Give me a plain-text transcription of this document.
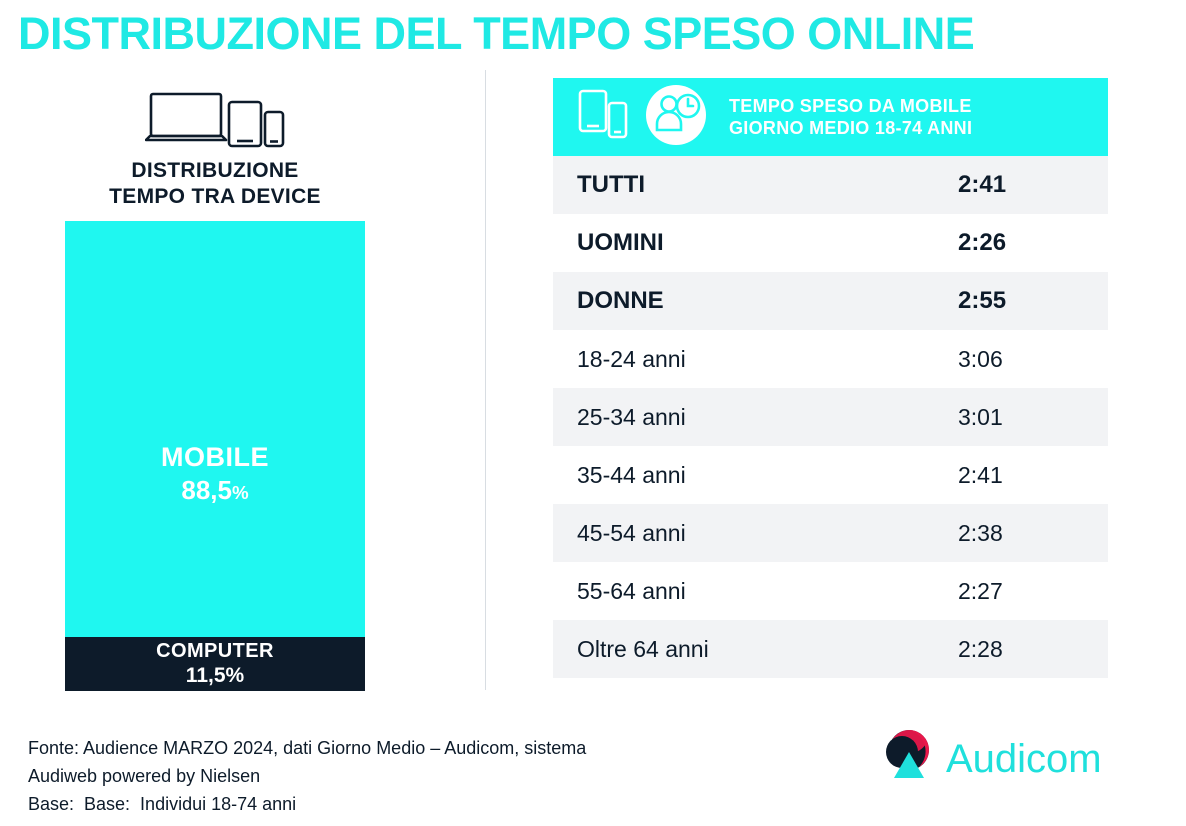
DISTRIBUZIONE DEL TEMPO SPESO ONLINE
DISTRIBUZIONE
TEMPO TRA DEVICE
MOBILE
88,5%
COMPUTER
11,5%
TEMPO SPESO DA MOBILE
GIORNO MEDIO 18-74 ANNI
TUTTI	2:41
UOMINI	2:26
DONNE	2:55
18-24 anni	3:06
25-34 anni	3:01
35-44 anni	2:41
45-54 anni	2:38
55-64 anni	2:27
Oltre 64 anni	2:28
Fonte: Audience MARZO 2024, dati Giorno Medio – Audicom, sistema
Audiweb powered by Nielsen
Base:  Base:  Individui 18-74 anni
Audicom
